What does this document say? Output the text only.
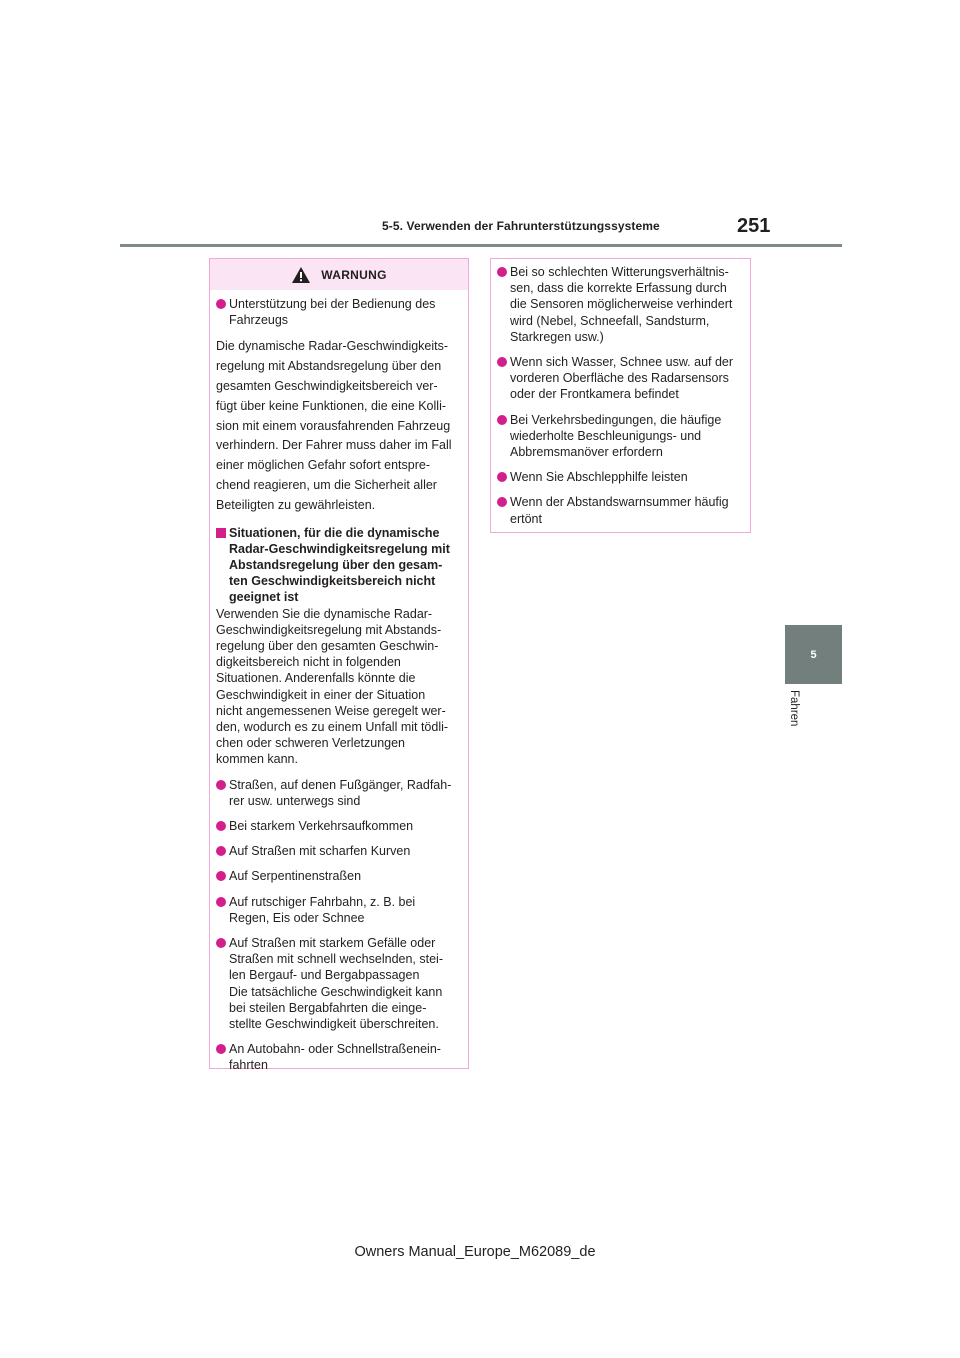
5-5. Verwenden der Fahrunterstützungssysteme	251
5
Fahren
WARNUNG
Unterstützung bei der Bedienung des Fahrzeugs
Die dynamische Radar-Geschwindigkeits-
regelung mit Abstandsregelung über den
gesamten Geschwindigkeitsbereich ver-
fügt über keine Funktionen, die eine Kolli-
sion mit einem vorausfahrenden Fahrzeug
verhindern. Der Fahrer muss daher im Fall
einer möglichen Gefahr sofort entspre-
chend reagieren, um die Sicherheit aller
Beteiligten zu gewährleisten.
Situationen, für die die dynamische
Radar-Geschwindigkeitsregelung mit
Abstandsregelung über den gesam-
ten Geschwindigkeitsbereich nicht
geeignet ist
Verwenden Sie die dynamische Radar-
Geschwindigkeitsregelung mit Abstands-
regelung über den gesamten Geschwin-
digkeitsbereich nicht in folgenden
Situationen. Anderenfalls könnte die
Geschwindigkeit in einer der Situation
nicht angemessenen Weise geregelt wer-
den, wodurch es zu einem Unfall mit tödli-
chen oder schweren Verletzungen
kommen kann.
Straßen, auf denen Fußgänger, Radfah-
rer usw. unterwegs sind
Bei starkem Verkehrsaufkommen
Auf Straßen mit scharfen Kurven
Auf Serpentinenstraßen
Auf rutschiger Fahrbahn, z. B. bei
Regen, Eis oder Schnee
Auf Straßen mit starkem Gefälle oder
Straßen mit schnell wechselnden, stei-
len Bergauf- und Bergabpassagen
Die tatsächliche Geschwindigkeit kann
bei steilen Bergabfahrten die einge-
stellte Geschwindigkeit überschreiten.
An Autobahn- oder Schnellstraßenein-
fahrten
Bei so schlechten Witterungsverhältnis-
sen, dass die korrekte Erfassung durch
die Sensoren möglicherweise verhindert
wird (Nebel, Schneefall, Sandsturm,
Starkregen usw.)
Wenn sich Wasser, Schnee usw. auf der
vorderen Oberfläche des Radarsensors
oder der Frontkamera befindet
Bei Verkehrsbedingungen, die häufige
wiederholte Beschleunigungs- und
Abbremsmanöver erfordern
Wenn Sie Abschlepphilfe leisten
Wenn der Abstandswarnsummer häufig
ertönt
Owners Manual_Europe_M62089_de
